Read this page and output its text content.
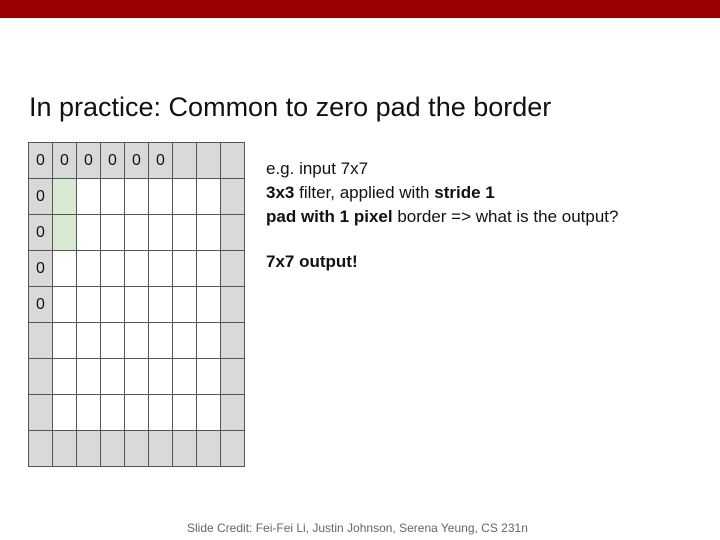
In practice: Common to zero pad the border
0 0 0 0 0 0
0
0
0
0
e.g. input 7x7
3x3 filter, applied with stride 1
pad with 1 pixel border => what is the output?
7x7 output!
Slide Credit: Fei-Fei Li, Justin Johnson, Serena Yeung, CS 231n
